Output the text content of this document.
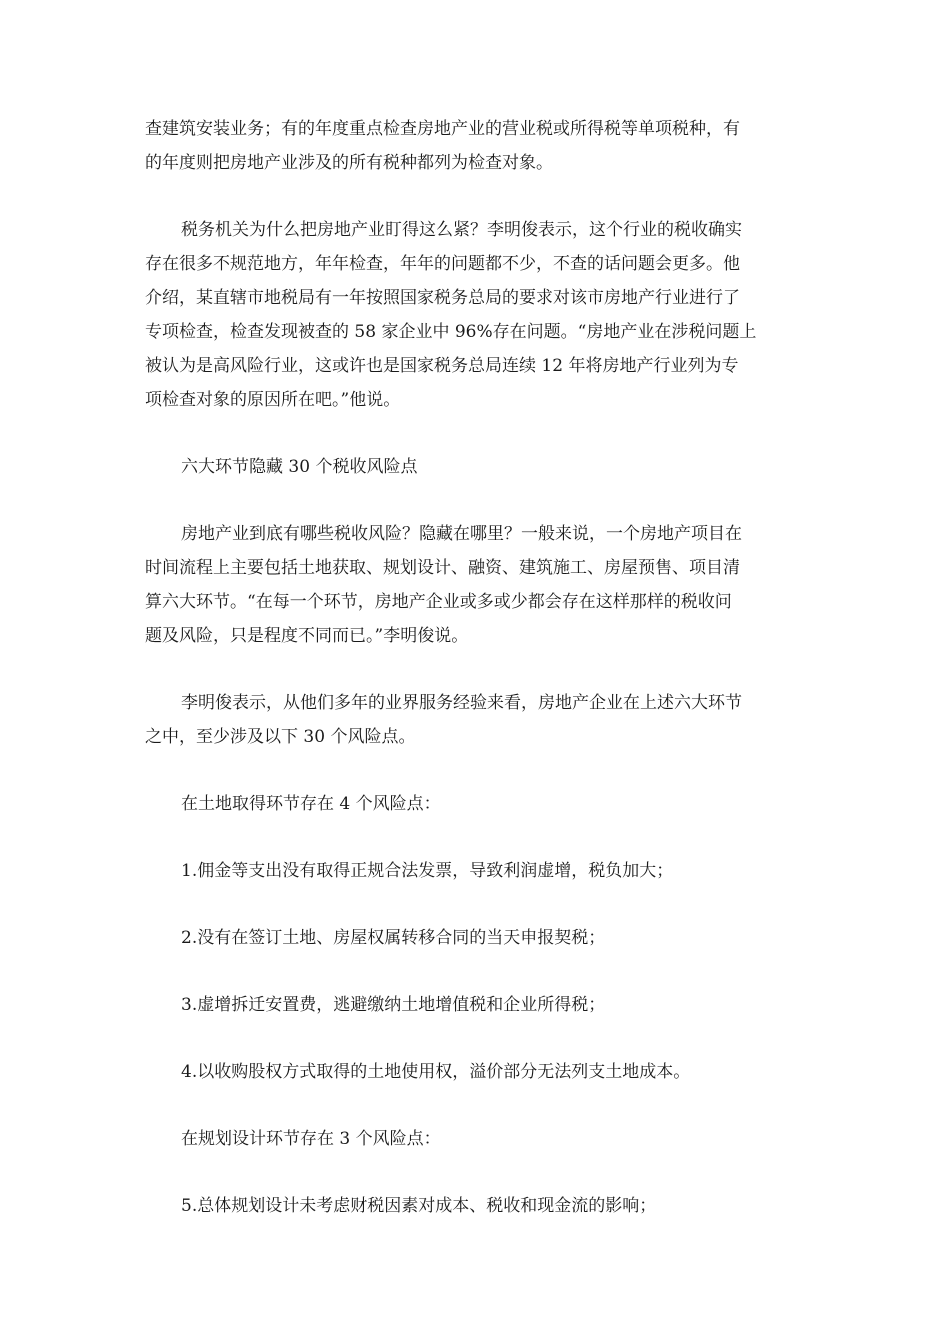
查建筑安装业务；有的年度重点检查房地产业的营业税或所得税等单项税种，有
的年度则把房地产业涉及的所有税种都列为检查对象。
税务机关为什么把房地产业盯得这么紧？李明俊表示，这个行业的税收确实
存在很多不规范地方，年年检查，年年的问题都不少，不查的话问题会更多。他
介绍，某直辖市地税局有一年按照国家税务总局的要求对该市房地产行业进行了
专项检查，检查发现被查的 58 家企业中 96%存在问题。“房地产业在涉税问题上
被认为是高风险行业，这或许也是国家税务总局连续 12 年将房地产行业列为专
项检查对象的原因所在吧。”他说。
六大环节隐藏 30 个税收风险点
房地产业到底有哪些税收风险？隐藏在哪里？一般来说，一个房地产项目在
时间流程上主要包括土地获取、规划设计、融资、建筑施工、房屋预售、项目清
算六大环节。“在每一个环节，房地产企业或多或少都会存在这样那样的税收问
题及风险，只是程度不同而已。”李明俊说。
李明俊表示，从他们多年的业界服务经验来看，房地产企业在上述六大环节
之中，至少涉及以下 30 个风险点。
在土地取得环节存在 4 个风险点：
1.佣金等支出没有取得正规合法发票，导致利润虚增，税负加大；
2.没有在签订土地、房屋权属转移合同的当天申报契税；
3.虚增拆迁安置费，逃避缴纳土地增值税和企业所得税；
4.以收购股权方式取得的土地使用权，溢价部分无法列支土地成本。
在规划设计环节存在 3 个风险点：
5.总体规划设计未考虑财税因素对成本、税收和现金流的影响；
